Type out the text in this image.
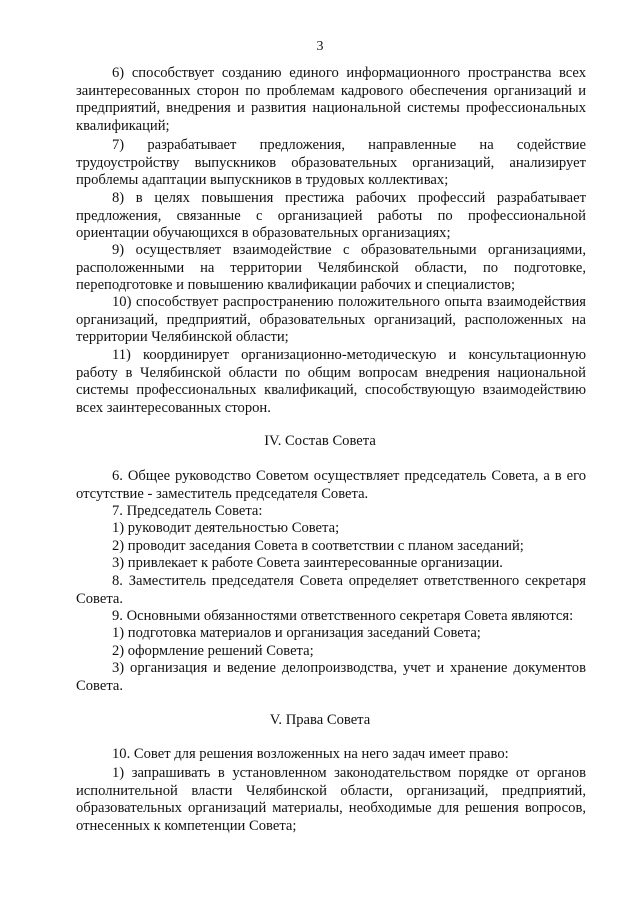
3
6) способствует созданию единого информационного пространства всех заинтересованных сторон по проблемам кадрового обеспечения организаций и предприятий, внедрения и развития национальной системы профессиональных квалификаций;
7) разрабатывает предложения, направленные на содействие трудоустройству выпускников образовательных организаций, анализирует проблемы адаптации выпускников в трудовых коллективах;
8) в целях повышения престижа рабочих профессий разрабатывает предложения, связанные с организацией работы по профессиональной ориентации обучающихся в образовательных организациях;
9) осуществляет взаимодействие с образовательными организациями, расположенными на территории Челябинской области, по подготовке, переподготовке и повышению квалификации рабочих и специалистов;
10) способствует распространению положительного опыта взаимодействия организаций, предприятий, образовательных организаций, расположенных на территории Челябинской области;
11) координирует организационно-методическую и консультационную работу в Челябинской области по общим вопросам внедрения национальной системы профессиональных квалификаций, способствующую взаимодействию всех заинтересованных сторон.
IV. Состав Совета
6. Общее руководство Советом осуществляет председатель Совета, а в его отсутствие - заместитель председателя Совета.
7. Председатель Совета:
1) руководит деятельностью Совета;
2) проводит заседания Совета в соответствии с планом заседаний;
3) привлекает к работе Совета заинтересованные организации.
8. Заместитель председателя Совета определяет ответственного секретаря Совета.
9. Основными обязанностями ответственного секретаря Совета являются:
1) подготовка материалов и организация заседаний Совета;
2) оформление решений Совета;
3) организация и ведение делопроизводства, учет и хранение документов Совета.
V. Права Совета
10. Совет для решения возложенных на него задач имеет право:
1) запрашивать в установленном законодательством порядке от органов исполнительной власти Челябинской области, организаций, предприятий, образовательных организаций материалы, необходимые для решения вопросов, отнесенных к компетенции Совета;
